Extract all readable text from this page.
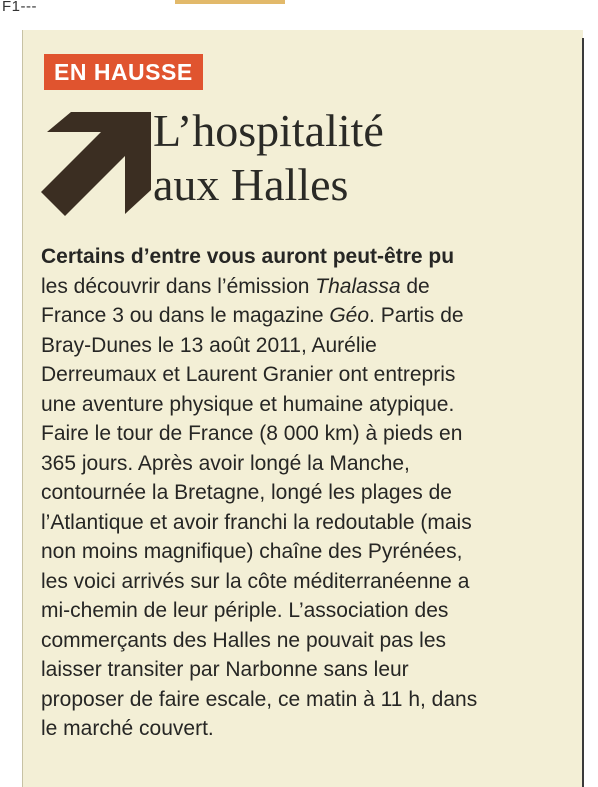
F1---
EN HAUSSE
L’hospitalité
aux Halles
Certains d’entre vous auront peut-être pu
les découvrir dans l’émission Thalassa de
France 3 ou dans le magazine Géo. Partis de
Bray-Dunes le 13 août 2011, Aurélie
Derreumaux et Laurent Granier ont entrepris
une aventure physique et humaine atypique.
Faire le tour de France (8 000 km) à pieds en
365 jours. Après avoir longé la Manche,
contournée la Bretagne, longé les plages de
l’Atlantique et avoir franchi la redoutable (mais
non moins magnifique) chaîne des Pyrénées,
les voici arrivés sur la côte méditerranéenne a
mi-chemin de leur périple. L’association des
commerçants des Halles ne pouvait pas les
laisser transiter par Narbonne sans leur
proposer de faire escale, ce matin à 11 h, dans
le marché couvert.
